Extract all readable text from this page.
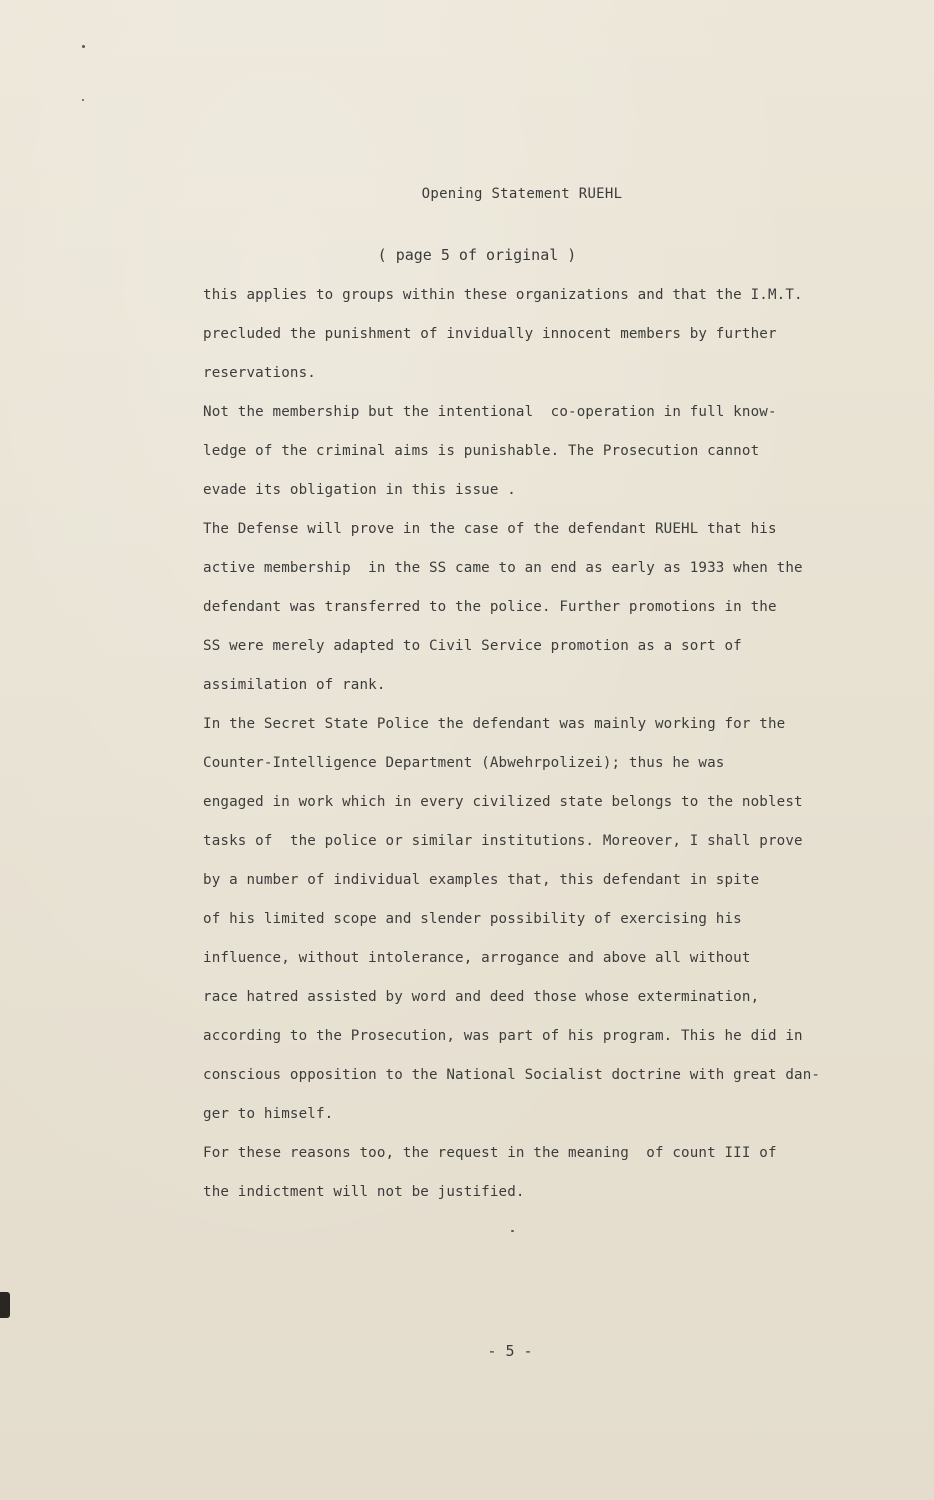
Opening Statement RUEHL
( page 5 of original )
this applies to groups within these organizations and that the I.M.T.
precluded the punishment of invidually innocent members by further
reservations.
Not the membership but the intentional  co-operation in full know-
ledge of the criminal aims is punishable. The Prosecution cannot
evade its obligation in this issue .
The Defense will prove in the case of the defendant RUEHL that his
active membership  in the SS came to an end as early as 1933 when the
defendant was transferred to the police. Further promotions in the
SS were merely adapted to Civil Service promotion as a sort of
assimilation of rank.
In the Secret State Police the defendant was mainly working for the
Counter-Intelligence Department (Abwehrpolizei); thus he was
engaged in work which in every civilized state belongs to the noblest
tasks of  the police or similar institutions. Moreover, I shall prove
by a number of individual examples that, this defendant in spite
of his limited scope and slender possibility of exercising his
influence, without intolerance, arrogance and above all without
race hatred assisted by word and deed those whose extermination,
according to the Prosecution, was part of his program. This he did in
conscious opposition to the National Socialist doctrine with great dan-
ger to himself.
For these reasons too, the request in the meaning  of count III of
the indictment will not be justified.
- 5 -
